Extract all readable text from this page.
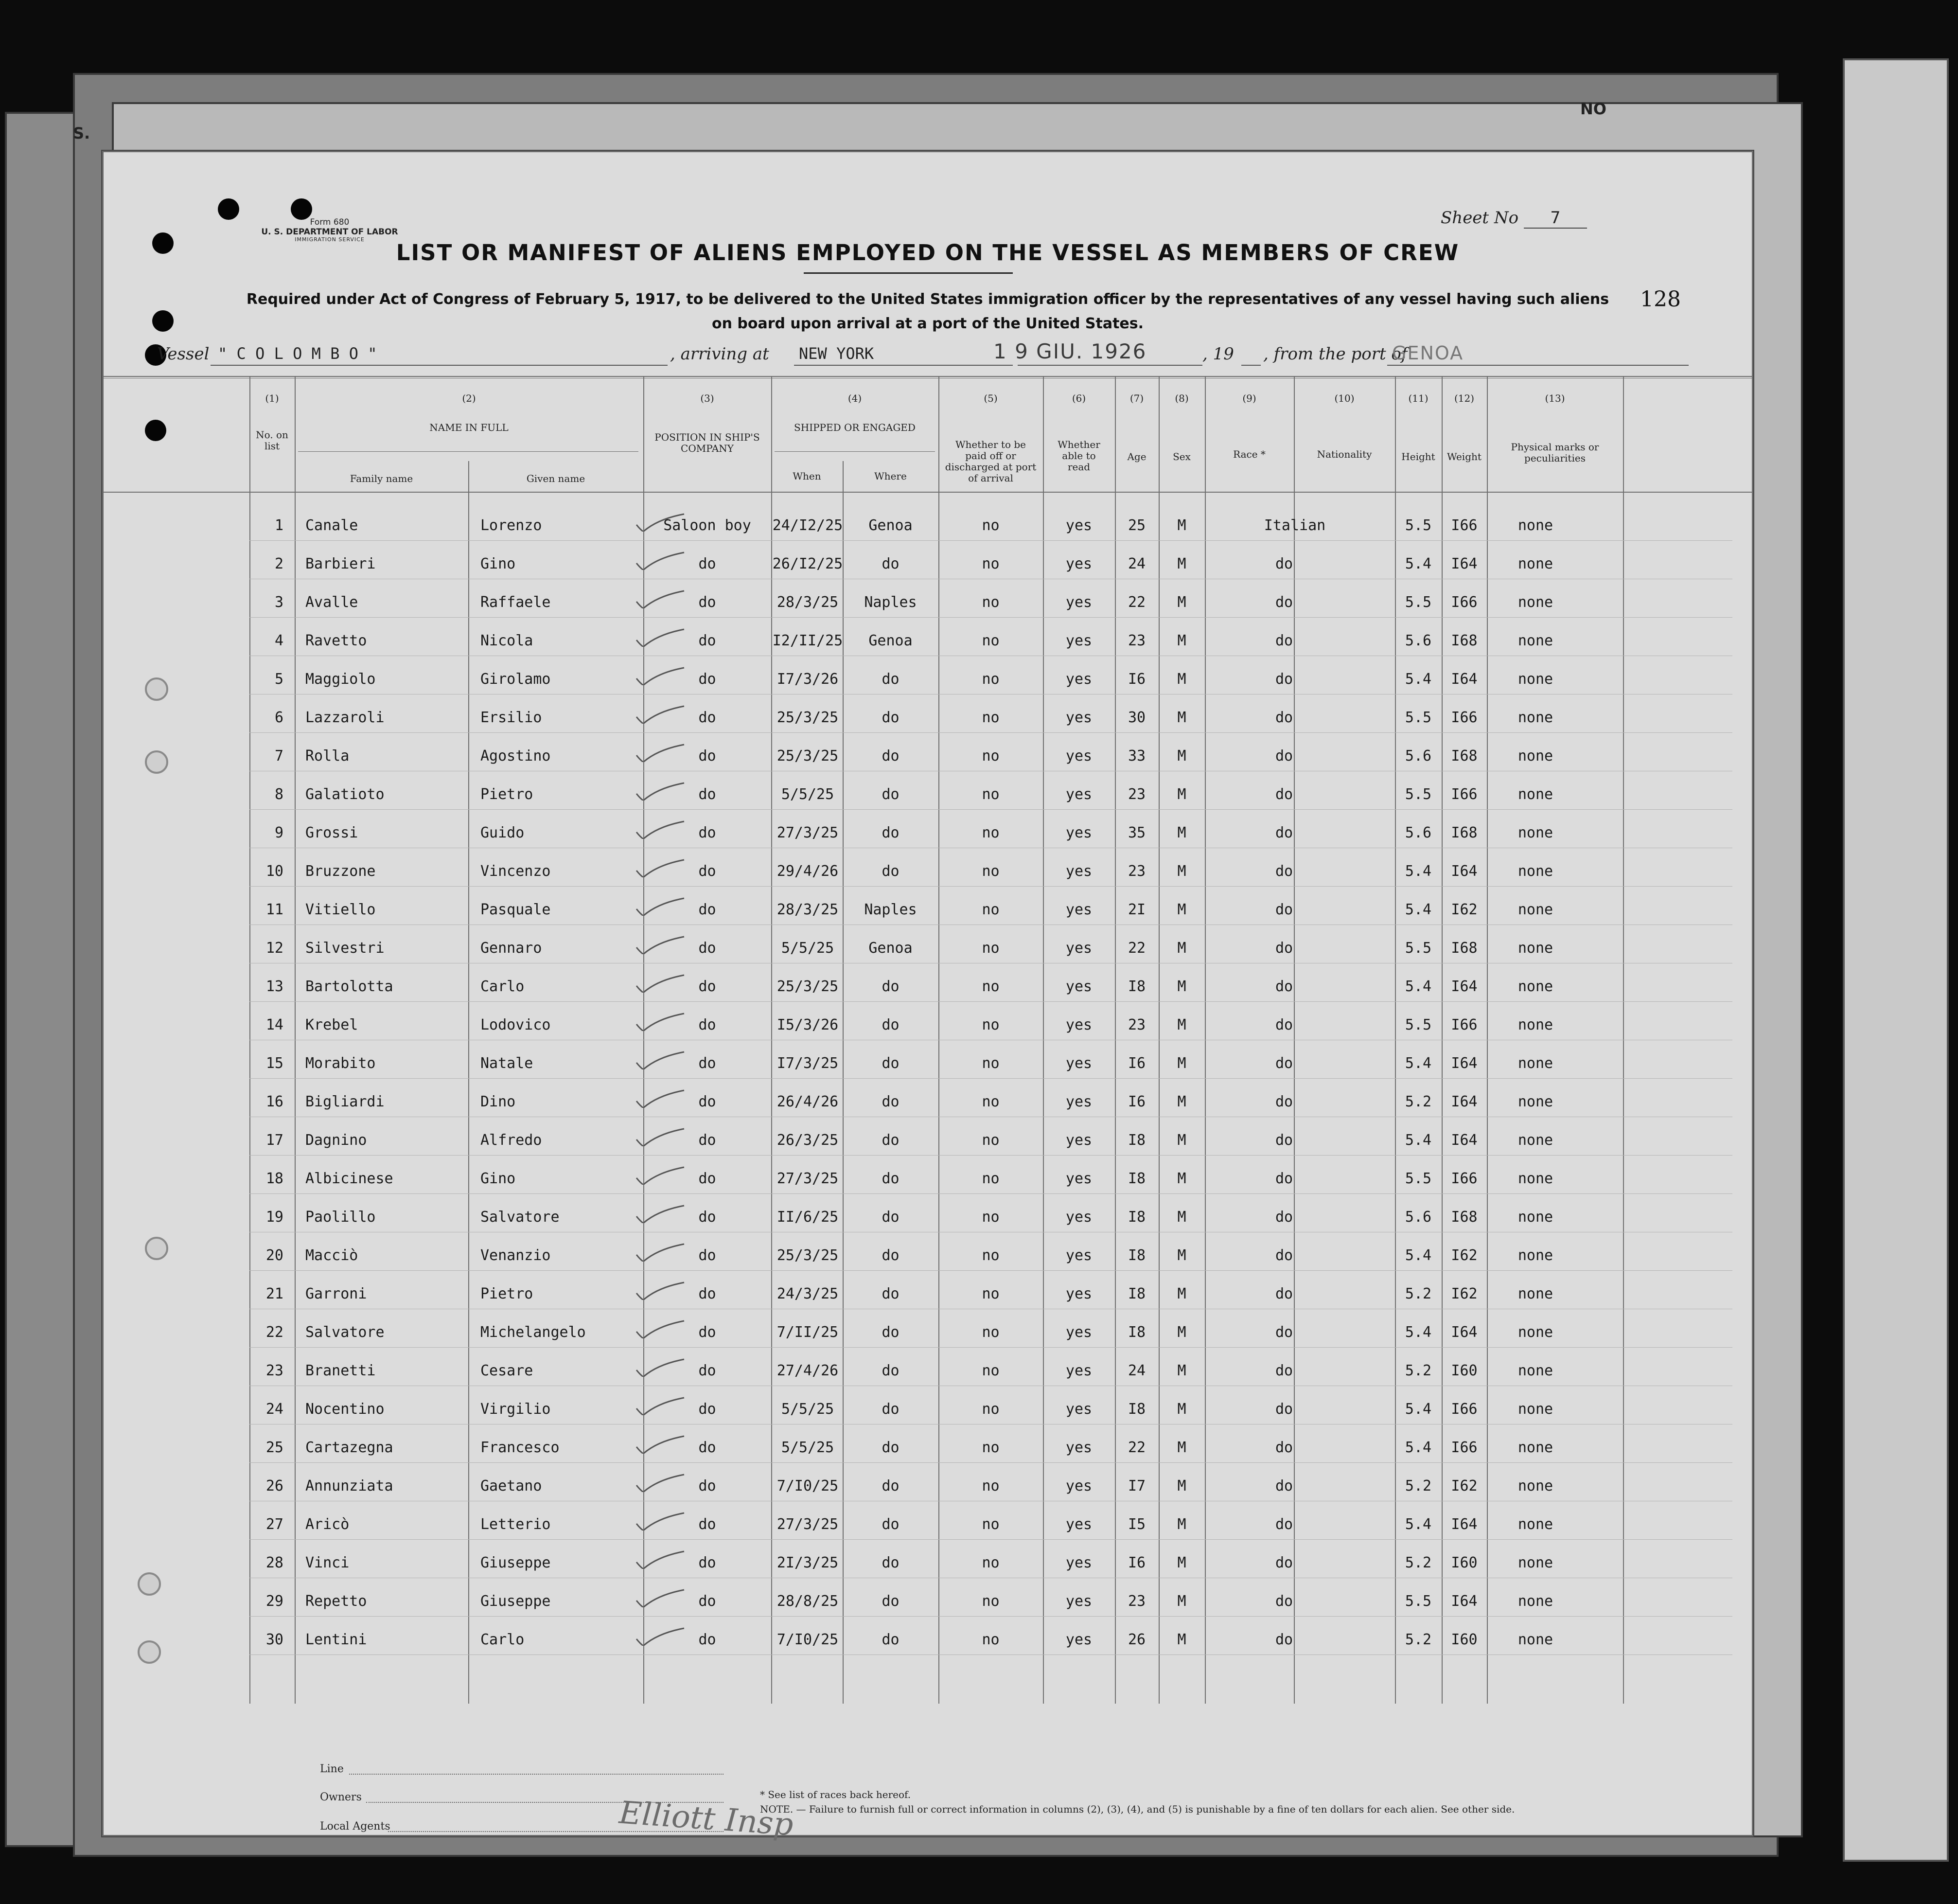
S.
NO
Form 680
U. S. DEPARTMENT OF LABOR
IMMIGRATION SERVICE
Sheet No 7
LIST OR MANIFEST OF ALIENS EMPLOYED ON THE VESSEL AS MEMBERS OF CREW
Required under Act of Congress of February 5, 1917, to be delivered to the United States immigration officer by the representatives of any vessel having such aliens
on board upon arrival at a port of the United States.
128
Vessel " C O L O M B O "	, arriving at NEW YORK	1 9 GIU. 1926	, 19 , from the port of
GENOA
(1)
No. on list
(2)
NAME IN FULL
Family name	Given name
(3)
POSITION IN SHIP'S COMPANY
(4)
SHIPPED OR ENGAGED
When	Where
(5)
Whether to be paid off or discharged at port of arrival
(6)
Whether able to read
(7)
Age
(8)
Sex
(9)
Race *
(10)
Nationality
(11)
Height
(12)
Weight
(13)
Physical marks or peculiarities
1 Canale	Lorenzo	Saloon boy	24/I2/25	Genoa	no	yes	25	M	Italian	5.5	I66	none
2 Barbieri	Gino	do	26/I2/25	do	no	yes	24	M	do	5.4	I64	none
3 Avalle	Raffaele	do	28/3/25	Naples	no	yes	22	M	do	5.5	I66	none
4 Ravetto	Nicola	do	I2/II/25	Genoa	no	yes	23	M	do	5.6	I68	none
5 Maggiolo	Girolamo	do	I7/3/26	do	no	yes	I6	M	do	5.4	I64	none
6 Lazzaroli	Ersilio	do	25/3/25	do	no	yes	30	M	do	5.5	I66	none
7 Rolla	Agostino	do	25/3/25	do	no	yes	33	M	do	5.6	I68	none
8 Galatioto	Pietro	do	5/5/25	do	no	yes	23	M	do	5.5	I66	none
9 Grossi	Guido	do	27/3/25	do	no	yes	35	M	do	5.6	I68	none
10 Bruzzone	Vincenzo	do	29/4/26	do	no	yes	23	M	do	5.4	I64	none
11 Vitiello	Pasquale	do	28/3/25	Naples	no	yes	2I	M	do	5.4	I62	none
12 Silvestri	Gennaro	do	5/5/25	Genoa	no	yes	22	M	do	5.5	I68	none
13 Bartolotta	Carlo	do	25/3/25	do	no	yes	I8	M	do	5.4	I64	none
14 Krebel	Lodovico	do	I5/3/26	do	no	yes	23	M	do	5.5	I66	none
15 Morabito	Natale	do	I7/3/25	do	no	yes	I6	M	do	5.4	I64	none
16 Bigliardi	Dino	do	26/4/26	do	no	yes	I6	M	do	5.2	I64	none
17 Dagnino	Alfredo	do	26/3/25	do	no	yes	I8	M	do	5.4	I64	none
18 Albicinese	Gino	do	27/3/25	do	no	yes	I8	M	do	5.5	I66	none
19 Paolillo	Salvatore	do	II/6/25	do	no	yes	I8	M	do	5.6	I68	none
20 Macciò	Venanzio	do	25/3/25	do	no	yes	I8	M	do	5.4	I62	none
21 Garroni	Pietro	do	24/3/25	do	no	yes	I8	M	do	5.2	I62	none
22 Salvatore	Michelangelo	do	7/II/25	do	no	yes	I8	M	do	5.4	I64	none
23 Branetti	Cesare	do	27/4/26	do	no	yes	24	M	do	5.2	I60	none
24 Nocentino	Virgilio	do	5/5/25	do	no	yes	I8	M	do	5.4	I66	none
25 Cartazegna	Francesco	do	5/5/25	do	no	yes	22	M	do	5.4	I66	none
26 Annunziata	Gaetano	do	7/I0/25	do	no	yes	I7	M	do	5.2	I62	none
27 Aricò	Letterio	do	27/3/25	do	no	yes	I5	M	do	5.4	I64	none
28 Vinci	Giuseppe	do	2I/3/25	do	no	yes	I6	M	do	5.2	I60	none
29 Repetto	Giuseppe	do	28/8/25	do	no	yes	23	M	do	5.5	I64	none
30 Lentini	Carlo	do	7/I0/25	do	no	yes	26	M	do	5.2	I60	none
Elliott Insp
Line
Owners
Local Agents
* See list of races back hereof.
NOTE. — Failure to furnish full or correct information in columns (2), (3), (4), and (5) is punishable by a fine of ten dollars for each alien. See other side.
